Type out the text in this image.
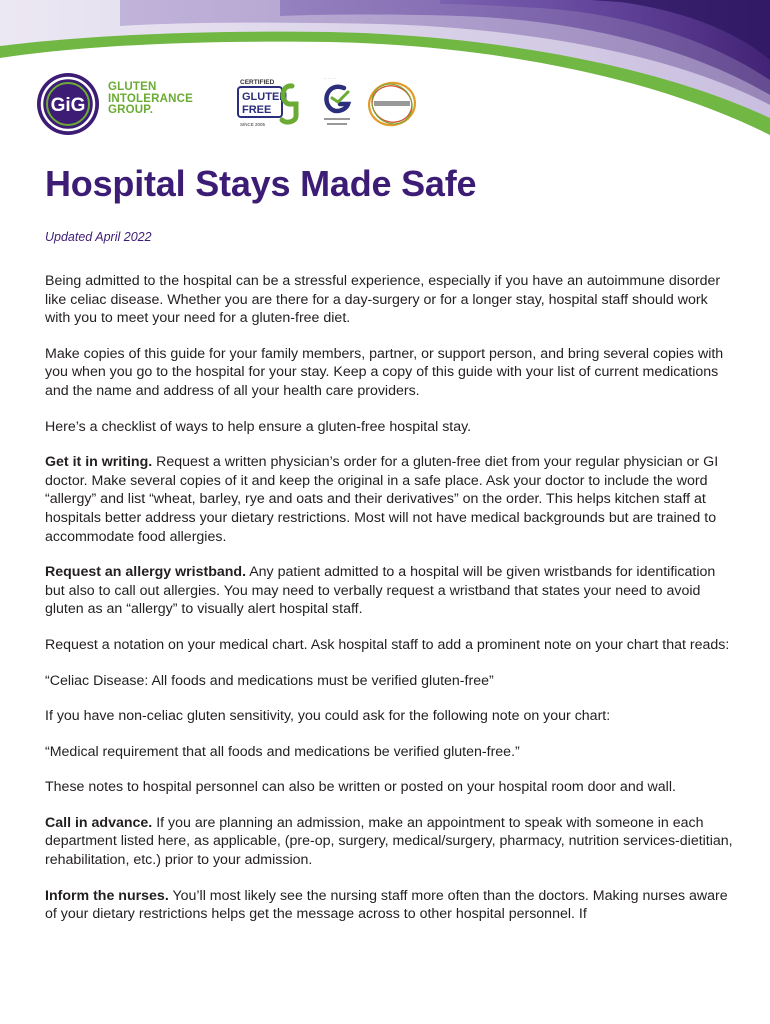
GiG
GLUTEN
INTOLERANCE
GROUP.
CERTIFIED
GLUTEN
FREE
SINCE 2005
· · · · · ·
Hospital Stays Made Safe

Updated April 2022

Being admitted to the hospital can be a stressful experience, especially if you have an autoimmune disorder like celiac disease. Whether you are there for a day-surgery or for a longer stay, hospital staff should work with you to meet your need for a gluten-free diet.

Make copies of this guide for your family members, partner, or support person, and bring several copies with you when you go to the hospital for your stay. Keep a copy of this guide with your list of current medications and the name and address of all your health care providers.

Here’s a checklist of ways to help ensure a gluten-free hospital stay.

Get it in writing. Request a written physician’s order for a gluten-free diet from your regular physician or GI doctor. Make several copies of it and keep the original in a safe place. Ask your doctor to include the word “allergy” and list “wheat, barley, rye and oats and their derivatives” on the order. This helps kitchen staff at hospitals better address your dietary restrictions. Most will not have medical backgrounds but are trained to accommodate food allergies.

Request an allergy wristband. Any patient admitted to a hospital will be given wristbands for identification but also to call out allergies. You may need to verbally request a wristband that states your need to avoid gluten as an “allergy” to visually alert hospital staff.

Request a notation on your medical chart. Ask hospital staff to add a prominent note on your chart that reads:

“Celiac Disease: All foods and medications must be verified gluten-free”

If you have non-celiac gluten sensitivity, you could ask for the following note on your chart:

“Medical requirement that all foods and medications be verified gluten-free.”

These notes to hospital personnel can also be written or posted on your hospital room door and wall.

Call in advance. If you are planning an admission, make an appointment to speak with someone in each department listed here, as applicable, (pre-op, surgery, medical/surgery, pharmacy, nutrition services-dietitian, rehabilitation, etc.) prior to your admission.

Inform the nurses. You’ll most likely see the nursing staff more often than the doctors. Making nurses aware of your dietary restrictions helps get the message across to other hospital personnel. If
